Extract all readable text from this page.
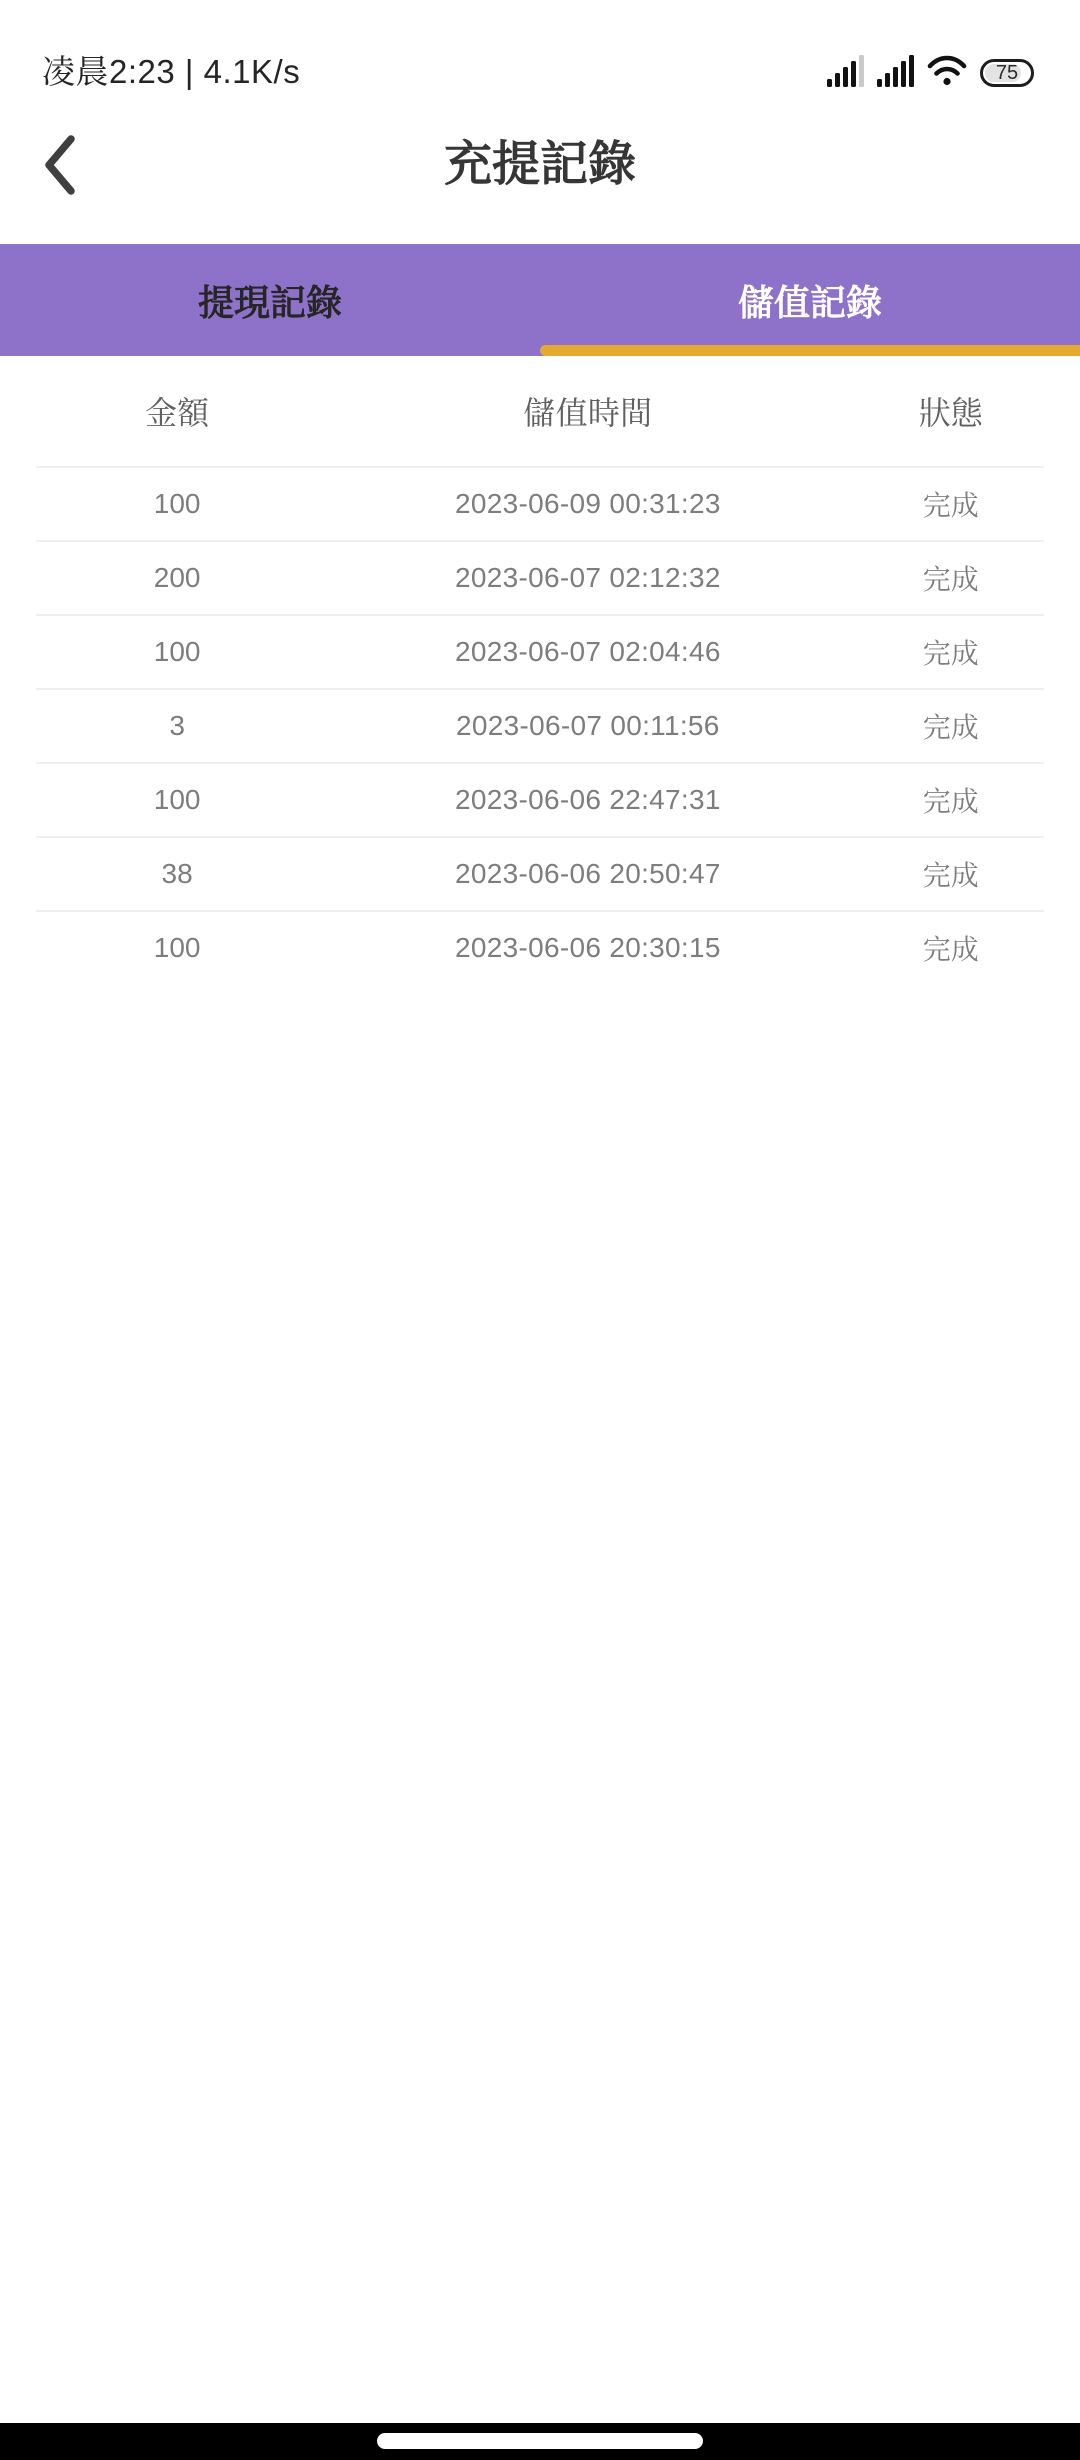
凌晨2:23 | 4.1K/s	75
充提記錄
提現記錄	儲值記錄
金額	儲值時間	狀態
100	2023-06-09 00:31:23	完成
200	2023-06-07 02:12:32	完成
100	2023-06-07 02:04:46	完成
3	2023-06-07 00:11:56	完成
100	2023-06-06 22:47:31	完成
38	2023-06-06 20:50:47	完成
100	2023-06-06 20:30:15	完成
